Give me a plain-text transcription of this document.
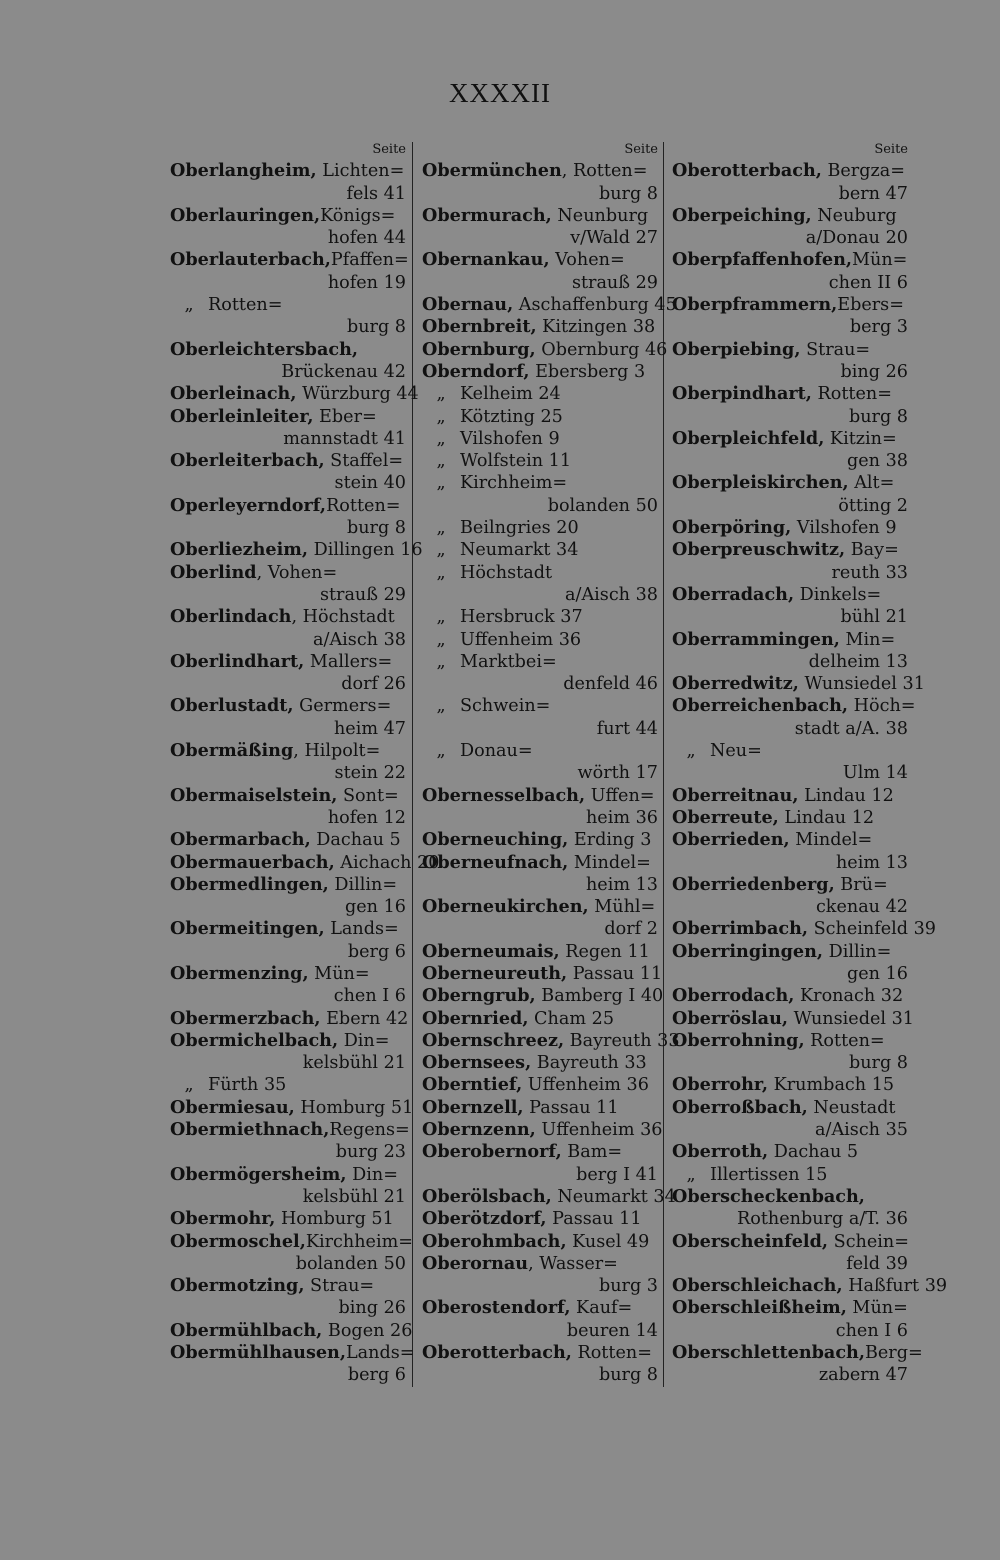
XXXXII
Seite
Oberlangheim, Lichten=
fels 41
Oberlauringen,Königs=
hofen 44
Oberlauterbach,Pfaffen=
hofen 19
„ Rotten=
burg 8
Oberleichtersbach,
Brückenau 42
Oberleinach, Würzburg 44
Oberleinleiter, Eber=
mannstadt 41
Oberleiterbach, Staffel=
stein 40
Operleyerndorf,Rotten=
burg 8
Oberliezheim, Dillingen 16
Oberlind, Vohen=
strauß 29
Oberlindach, Höchstadt
a/Aisch 38
Oberlindhart, Mallers=
dorf 26
Oberlustadt, Germers=
heim 47
Obermäßing, Hilpolt=
stein 22
Obermaiselstein, Sont=
hofen 12
Obermarbach, Dachau 5
Obermauerbach, Aichach 20
Obermedlingen, Dillin=
gen 16
Obermeitingen, Lands=
berg 6
Obermenzing, Mün=
chen I 6
Obermerzbach, Ebern 42
Obermichelbach, Din=
kelsbühl 21
„ Fürth 35
Obermiesau, Homburg 51
Obermiethnach,Regens=
burg 23
Obermögersheim, Din=
kelsbühl 21
Obermohr, Homburg 51
Obermoschel,Kirchheim=
bolanden 50
Obermotzing, Strau=
bing 26
Obermühlbach, Bogen 26
Obermühlhausen,Lands=
berg 6
Seite
Obermünchen, Rotten=
burg 8
Obermurach, Neunburg
v/Wald 27
Obernankau, Vohen=
strauß 29
Obernau, Aschaffenburg 45
Obernbreit, Kitzingen 38
Obernburg, Obernburg 46
Oberndorf, Ebersberg 3
„ Kelheim 24
„ Kötzting 25
„ Vilshofen 9
„ Wolfstein 11
„ Kirchheim=
bolanden 50
„ Beilngries 20
„ Neumarkt 34
„ Höchstadt
a/Aisch 38
„ Hersbruck 37
„ Uffenheim 36
„ Marktbei=
denfeld 46
„ Schwein=
furt 44
„ Donau=
wörth 17
Obernesselbach, Uffen=
heim 36
Oberneuching, Erding 3
Oberneufnach, Mindel=
heim 13
Oberneukirchen, Mühl=
dorf 2
Oberneumais, Regen 11
Oberneureuth, Passau 11
Oberngrub, Bamberg I 40
Obernried, Cham 25
Obernschreez, Bayreuth 33
Obernsees, Bayreuth 33
Oberntief, Uffenheim 36
Obernzell, Passau 11
Obernzenn, Uffenheim 36
Oberobernorf, Bam=
berg I 41
Oberölsbach, Neumarkt 34
Oberötzdorf, Passau 11
Oberohmbach, Kusel 49
Oberornau, Wasser=
burg 3
Oberostendorf, Kauf=
beuren 14
Oberotterbach, Rotten=
burg 8
Seite
Oberotterbach, Bergza=
bern 47
Oberpeiching, Neuburg
a/Donau 20
Oberpfaffenhofen,Mün=
chen II 6
Oberpframmern,Ebers=
berg 3
Oberpiebing, Strau=
bing 26
Oberpindhart, Rotten=
burg 8
Oberpleichfeld, Kitzin=
gen 38
Oberpleiskirchen, Alt=
ötting 2
Oberpöring, Vilshofen 9
Oberpreuschwitz, Bay=
reuth 33
Oberradach, Dinkels=
bühl 21
Oberrammingen, Min=
delheim 13
Oberredwitz, Wunsiedel 31
Oberreichenbach, Höch=
stadt a/A. 38
„ Neu=
Ulm 14
Oberreitnau, Lindau 12
Oberreute, Lindau 12
Oberrieden, Mindel=
heim 13
Oberriedenberg, Brü=
ckenau 42
Oberrimbach, Scheinfeld 39
Oberringingen, Dillin=
gen 16
Oberrodach, Kronach 32
Oberröslau, Wunsiedel 31
Oberrohning, Rotten=
burg 8
Oberrohr, Krumbach 15
Oberroßbach, Neustadt
a/Aisch 35
Oberroth, Dachau 5
„ Illertissen 15
Oberscheckenbach,
Rothenburg a/T. 36
Oberscheinfeld, Schein=
feld 39
Oberschleichach, Haßfurt 39
Oberschleißheim, Mün=
chen I 6
Oberschlettenbach,Berg=
zabern 47
